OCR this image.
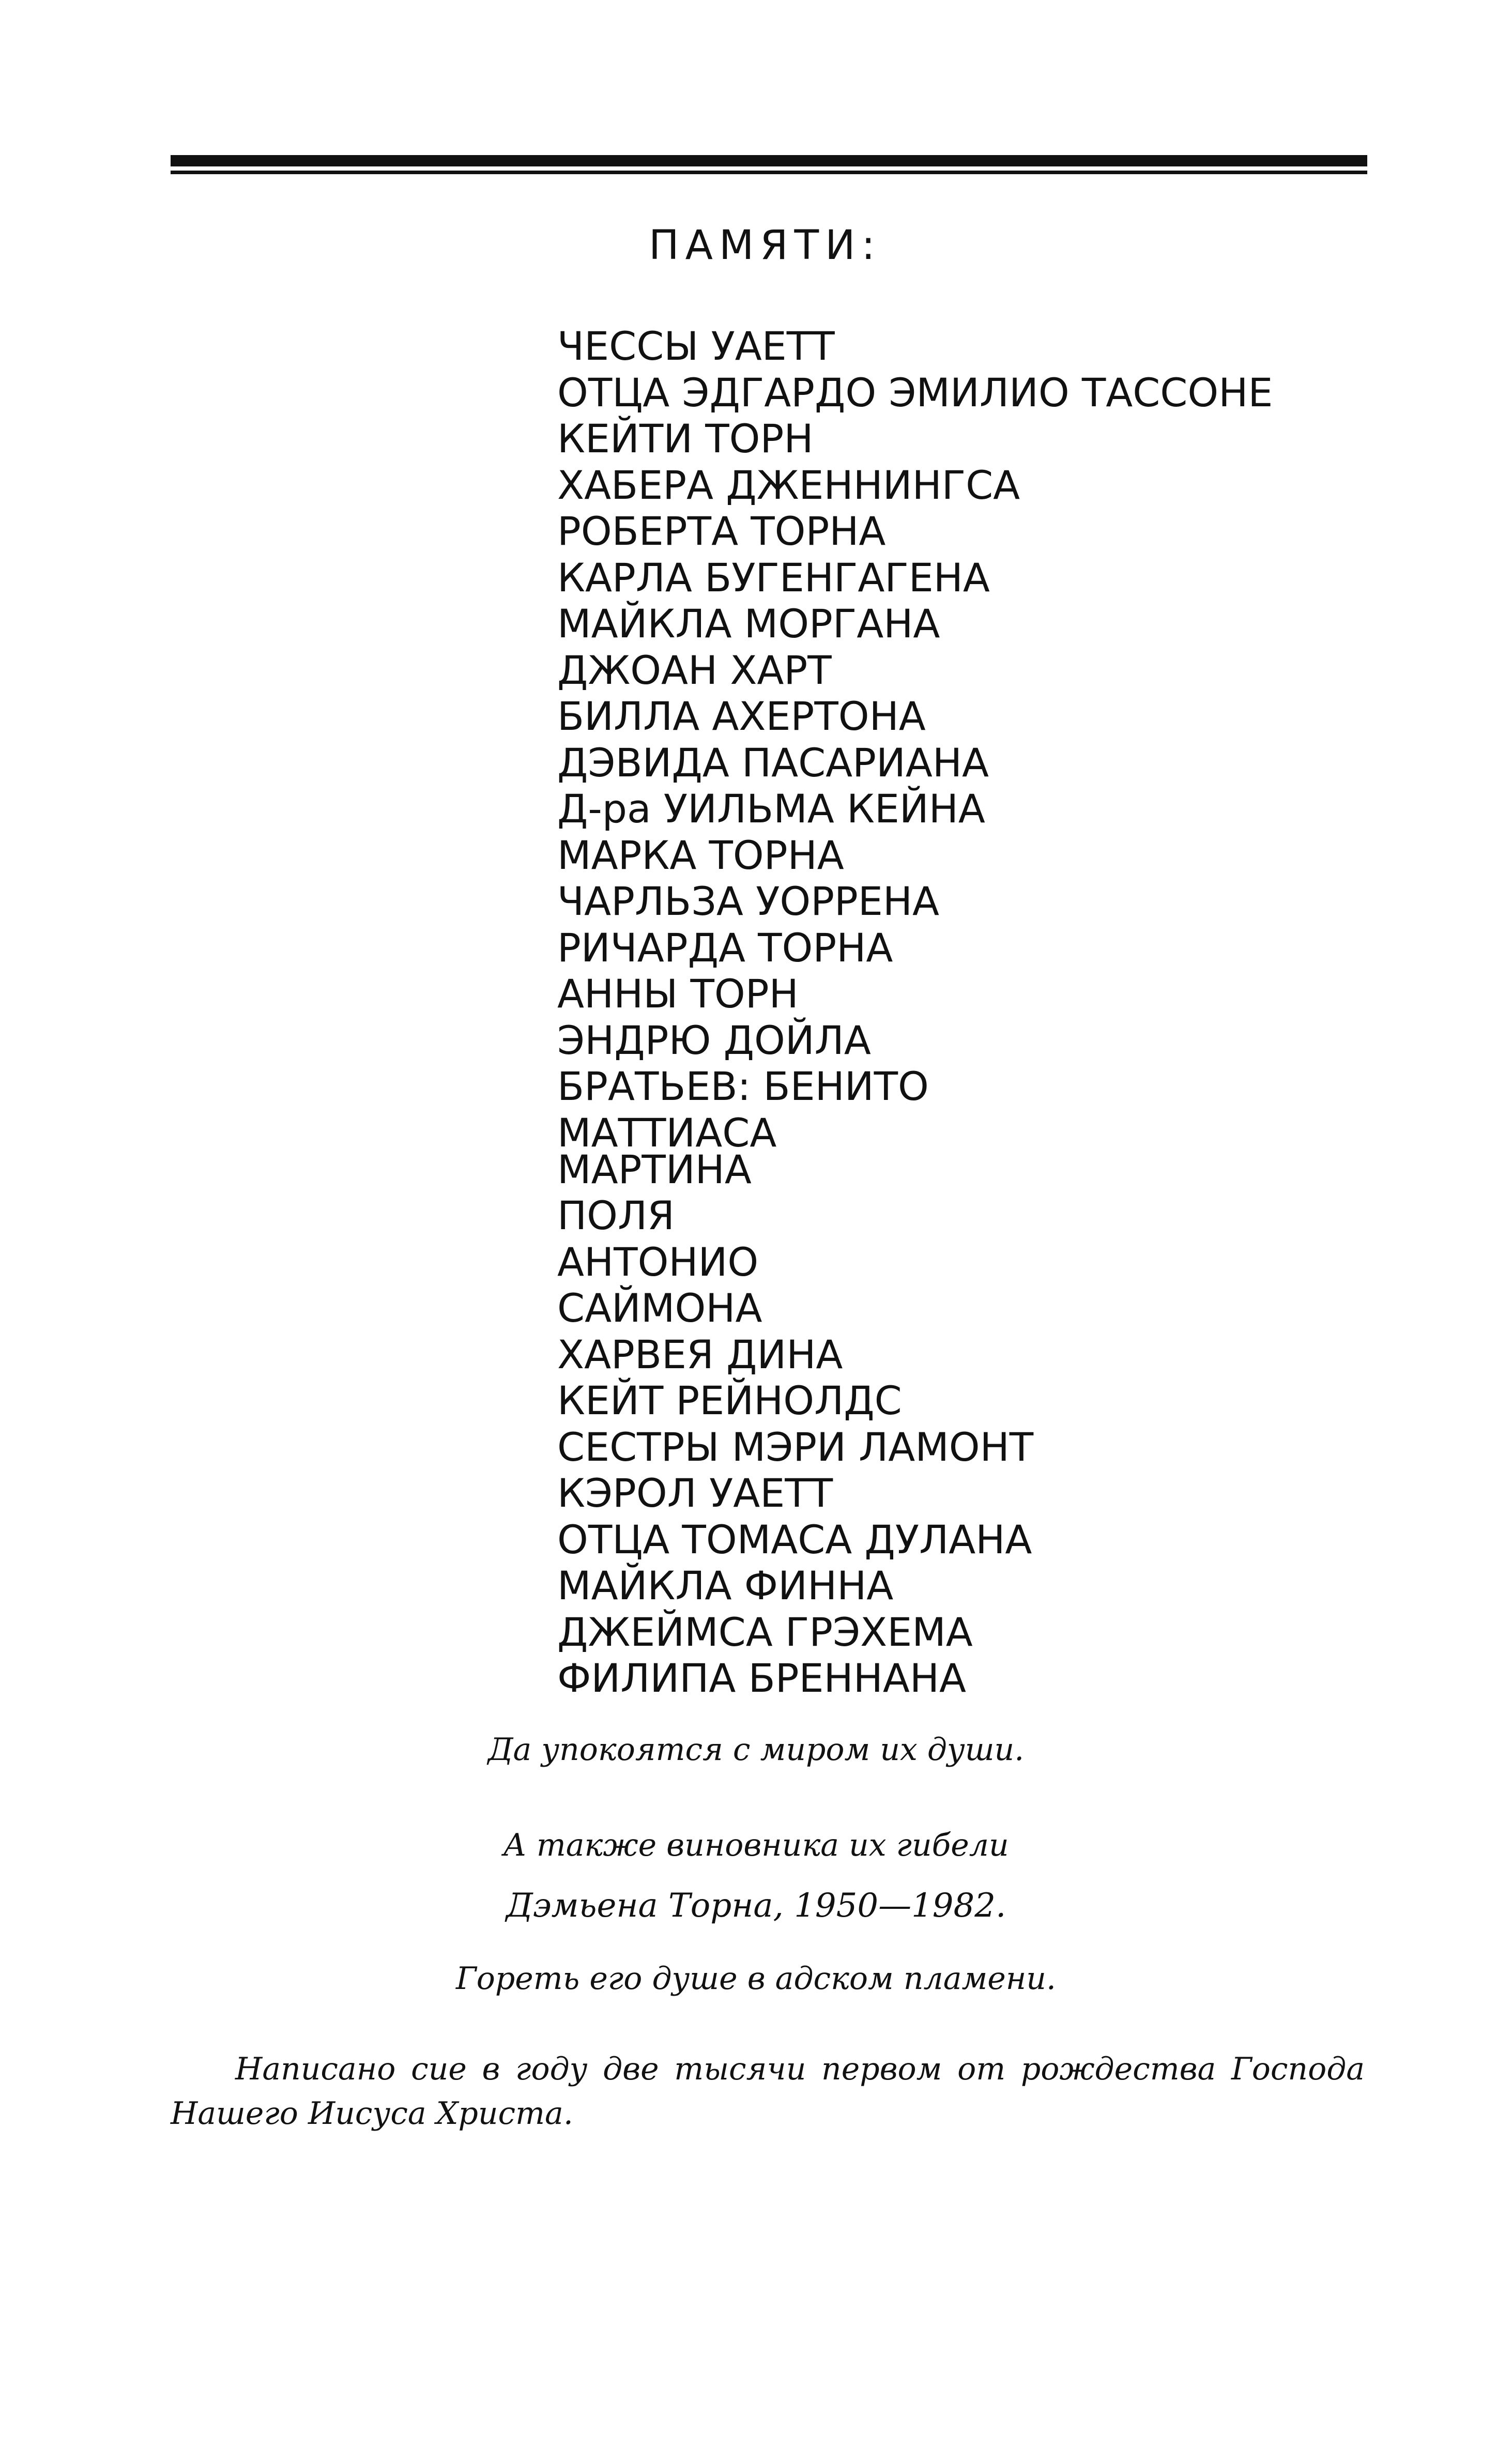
ПАМЯТИ:
ЧЕССЫ УАЕТТ
ОТЦА ЭДГАРДО ЭМИЛИО ТАССОНЕ
КЕЙТИ ТОРН
ХАБЕРА ДЖЕННИНГСА
РОБЕРТА ТОРНА
КАРЛА БУГЕНГАГЕНА
МАЙКЛА МОРГАНА
ДЖОАН ХАРТ
БИЛЛА АХЕРТОНА
ДЭВИДА ПАСАРИАНА
Д-ра УИЛЬМА КЕЙНА
МАРКА ТОРНА
ЧАРЛЬЗА УОРРЕНА
РИЧАРДА ТОРНА
АННЫ ТОРН
ЭНДРЮ ДОЙЛА
БРАТЬЕВ: БЕНИТО
МАТТИАСА
МАРТИНА
ПОЛЯ
АНТОНИО
САЙМОНА
ХАРВЕЯ ДИНА
КЕЙТ РЕЙНОЛДС
СЕСТРЫ МЭРИ ЛАМОНТ
КЭРОЛ УАЕТТ
ОТЦА ТОМАСА ДУЛАНА
МАЙКЛА ФИННА
ДЖЕЙМСА ГРЭХЕМА
ФИЛИПА БРЕННАНА
Да упокоятся с миром их души.
А также виновника их гибели
Дэмьена Торна, 1950—1982.
Гореть его душе в адском пламени.
Написано сие в году две тысячи первом от рождества Господа
Нашего Иисуса Христа.
